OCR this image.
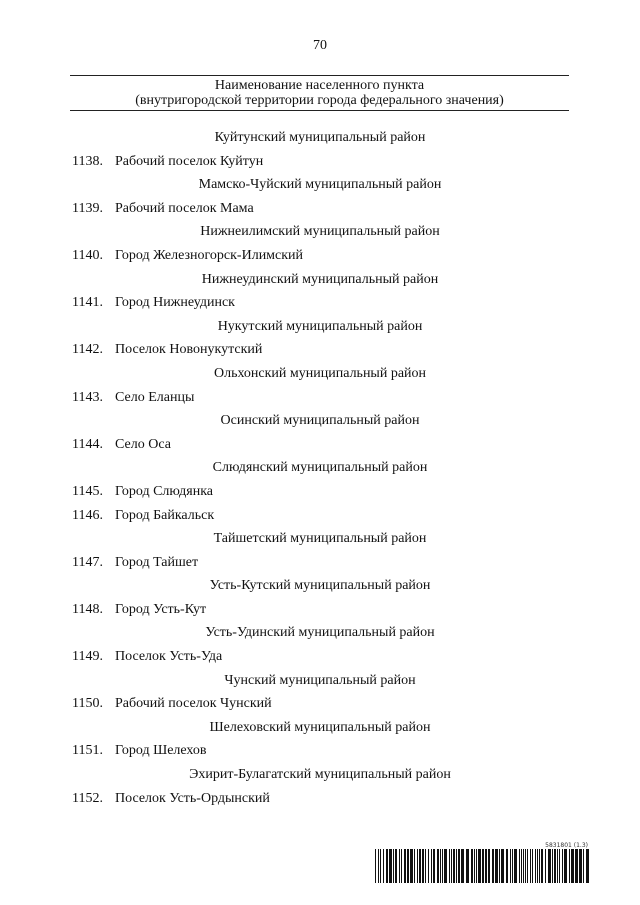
70
Наименование населенного пункта
(внутригородской территории города федерального значения)
Куйтунский муниципальный район
1138. Рабочий поселок Куйтун
Мамско-Чуйский муниципальный район
1139. Рабочий поселок Мама
Нижнеилимский муниципальный район
1140. Город Железногорск-Илимский
Нижнеудинский муниципальный район
1141. Город Нижнеудинск
Нукутский муниципальный район
1142. Поселок Новонукутский
Ольхонский муниципальный район
1143. Село Еланцы
Осинский муниципальный район
1144. Село Оса
Слюдянский муниципальный район
1145. Город Слюдянка
1146. Город Байкальск
Тайшетский муниципальный район
1147. Город Тайшет
Усть-Кутский муниципальный район
1148. Город Усть-Кут
Усть-Удинский муниципальный район
1149. Поселок Усть-Уда
Чунский муниципальный район
1150. Рабочий поселок Чунский
Шелеховский муниципальный район
1151. Город Шелехов
Эхирит-Булагатский муниципальный район
1152. Поселок Усть-Ордынский
5831801 (1.3)
